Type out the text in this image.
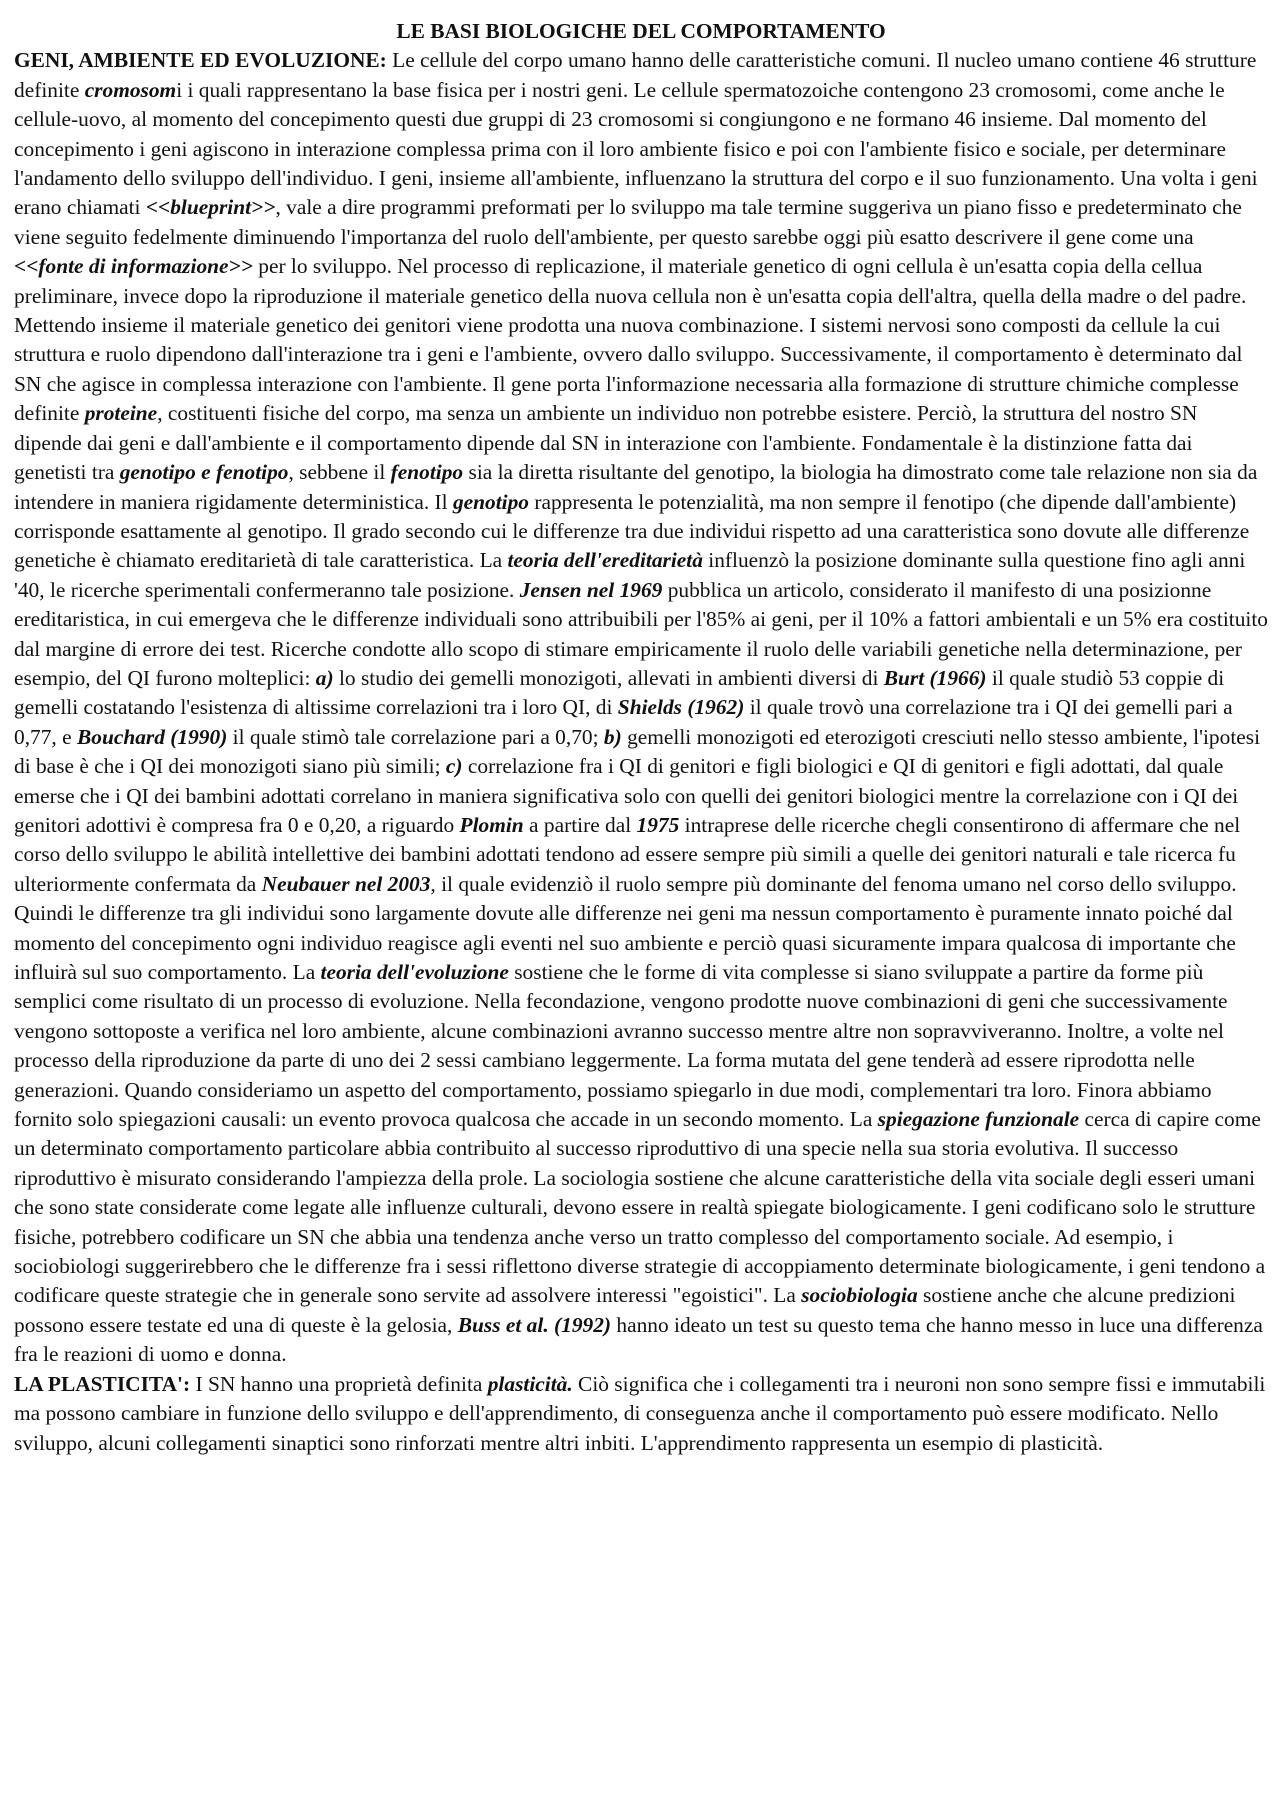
LE BASI BIOLOGICHE DEL COMPORTAMENTO

GENI, AMBIENTE ED EVOLUZIONE: Le cellule del corpo umano hanno delle caratteristiche comuni. Il nucleo umano contiene 46 strutture definite cromosomi i quali rappresentano la base fisica per i nostri geni. Le cellule spermatozoiche contengono 23 cromosomi, come anche le cellule-uovo, al momento del concepimento questi due gruppi di 23 cromosomi si congiungono e ne formano 46 insieme. Dal momento del concepimento i geni agiscono in interazione complessa prima con il loro ambiente fisico e poi con l'ambiente fisico e sociale, per determinare l'andamento dello sviluppo dell'individuo. I geni, insieme all'ambiente, influenzano la struttura del corpo e il suo funzionamento. Una volta i geni erano chiamati <<blueprint>>, vale a dire programmi preformati per lo sviluppo ma tale termine suggeriva un piano fisso e predeterminato che viene seguito fedelmente diminuendo l'importanza del ruolo dell'ambiente, per questo sarebbe oggi più esatto descrivere il gene come una <<fonte di informazione>> per lo sviluppo. Nel processo di replicazione, il materiale genetico di ogni cellula è un'esatta copia della cellua preliminare, invece dopo la riproduzione il materiale genetico della nuova cellula non è un'esatta copia dell'altra, quella della madre o del padre. Mettendo insieme il materiale genetico dei genitori viene prodotta una nuova combinazione. I sistemi nervosi sono composti da cellule la cui struttura e ruolo dipendono dall'interazione tra i geni e l'ambiente, ovvero dallo sviluppo. Successivamente, il comportamento è determinato dal SN che agisce in complessa interazione con l'ambiente. Il gene porta l'informazione necessaria alla formazione di strutture chimiche complesse definite proteine, costituenti fisiche del corpo, ma senza un ambiente un individuo non potrebbe esistere. Perciò, la struttura del nostro SN dipende dai geni e dall'ambiente e il comportamento dipende dal SN in interazione con l'ambiente. Fondamentale è la distinzione fatta dai genetisti tra genotipo e fenotipo, sebbene il fenotipo sia la diretta risultante del genotipo, la biologia ha dimostrato come tale relazione non sia da intendere in maniera rigidamente deterministica. Il genotipo rappresenta le potenzialità, ma non sempre il fenotipo (che dipende dall'ambiente) corrisponde esattamente al genotipo. Il grado secondo cui le differenze tra due individui rispetto ad una caratteristica sono dovute alle differenze genetiche è chiamato ereditarietà di tale caratteristica. La teoria dell'ereditarietà influenzò la posizione dominante sulla questione fino agli anni '40, le ricerche sperimentali confermeranno tale posizione. Jensen nel 1969 pubblica un articolo, considerato il manifesto di una posizionne ereditaristica, in cui emergeva che le differenze individuali sono attribuibili per l'85% ai geni, per il 10% a fattori ambientali e un 5% era costituito dal margine di errore dei test. Ricerche condotte allo scopo di stimare empiricamente il ruolo delle variabili genetiche nella determinazione, per esempio, del QI furono molteplici: a) lo studio dei gemelli monozigoti, allevati in ambienti diversi di Burt (1966) il quale studiò 53 coppie di gemelli costatando l'esistenza di altissime correlazioni tra i loro QI, di Shields (1962) il quale trovò una correlazione tra i QI dei gemelli pari a 0,77, e Bouchard (1990) il quale stimò tale correlazione pari a 0,70; b) gemelli monozigoti ed eterozigoti cresciuti nello stesso ambiente, l'ipotesi di base è che i QI dei monozigoti siano più simili; c) correlazione fra i QI di genitori e figli biologici e QI di genitori e figli adottati, dal quale emerse che i QI dei bambini adottati correlano in maniera significativa solo con quelli dei genitori biologici mentre la correlazione con i QI dei genitori adottivi è compresa fra 0 e 0,20, a riguardo Plomin a partire dal 1975 intraprese delle ricerche chegli consentirono di affermare che nel corso dello sviluppo le abilità intellettive dei bambini adottati tendono ad essere sempre più simili a quelle dei genitori naturali e tale ricerca fu ulteriormente confermata da Neubauer nel 2003, il quale evidenziò il ruolo sempre più dominante del fenoma umano nel corso dello sviluppo. Quindi le differenze tra gli individui sono largamente dovute alle differenze nei geni ma nessun comportamento è puramente innato poiché dal momento del concepimento ogni individuo reagisce agli eventi nel suo ambiente e perciò quasi sicuramente impara qualcosa di importante che influirà sul suo comportamento. La teoria dell'evoluzione sostiene che le forme di vita complesse si siano sviluppate a partire da forme più semplici come risultato di un processo di evoluzione. Nella fecondazione, vengono prodotte nuove combinazioni di geni che successivamente vengono sottoposte a verifica nel loro ambiente, alcune combinazioni avranno successo mentre altre non sopravviveranno. Inoltre, a volte nel processo della riproduzione da parte di uno dei 2 sessi cambiano leggermente. La forma mutata del gene tenderà ad essere riprodotta nelle generazioni. Quando consideriamo un aspetto del comportamento, possiamo spiegarlo in due modi, complementari tra loro. Finora abbiamo fornito solo spiegazioni causali: un evento provoca qualcosa che accade in un secondo momento. La spiegazione funzionale cerca di capire come un determinato comportamento particolare abbia contribuito al successo riproduttivo di una specie nella sua storia evolutiva. Il successo riproduttivo è misurato considerando l'ampiezza della prole. La sociologia sostiene che alcune caratteristiche della vita sociale degli esseri umani che sono state considerate come legate alle influenze culturali, devono essere in realtà spiegate biologicamente. I geni codificano solo le strutture fisiche, potrebbero codificare un SN che abbia una tendenza anche verso un tratto complesso del comportamento sociale. Ad esempio, i sociobiologi suggerirebbero che le differenze fra i sessi riflettono diverse strategie di accoppiamento determinate biologicamente, i geni tendono a codificare queste strategie che in generale sono servite ad assolvere interessi "egoistici". La sociobiologia sostiene anche che alcune predizioni possono essere testate ed una di queste è la gelosia, Buss et al. (1992) hanno ideato un test su questo tema che hanno messo in luce una differenza fra le reazioni di uomo e donna.

LA PLASTICITA': I SN hanno una proprietà definita plasticità. Ciò significa che i collegamenti tra i neuroni non sono sempre fissi e immutabili ma possono cambiare in funzione dello sviluppo e dell'apprendimento, di conseguenza anche il comportamento può essere modificato. Nello sviluppo, alcuni collegamenti sinaptici sono rinforzati mentre altri inbiti. L'apprendimento rappresenta un esempio di plasticità.
